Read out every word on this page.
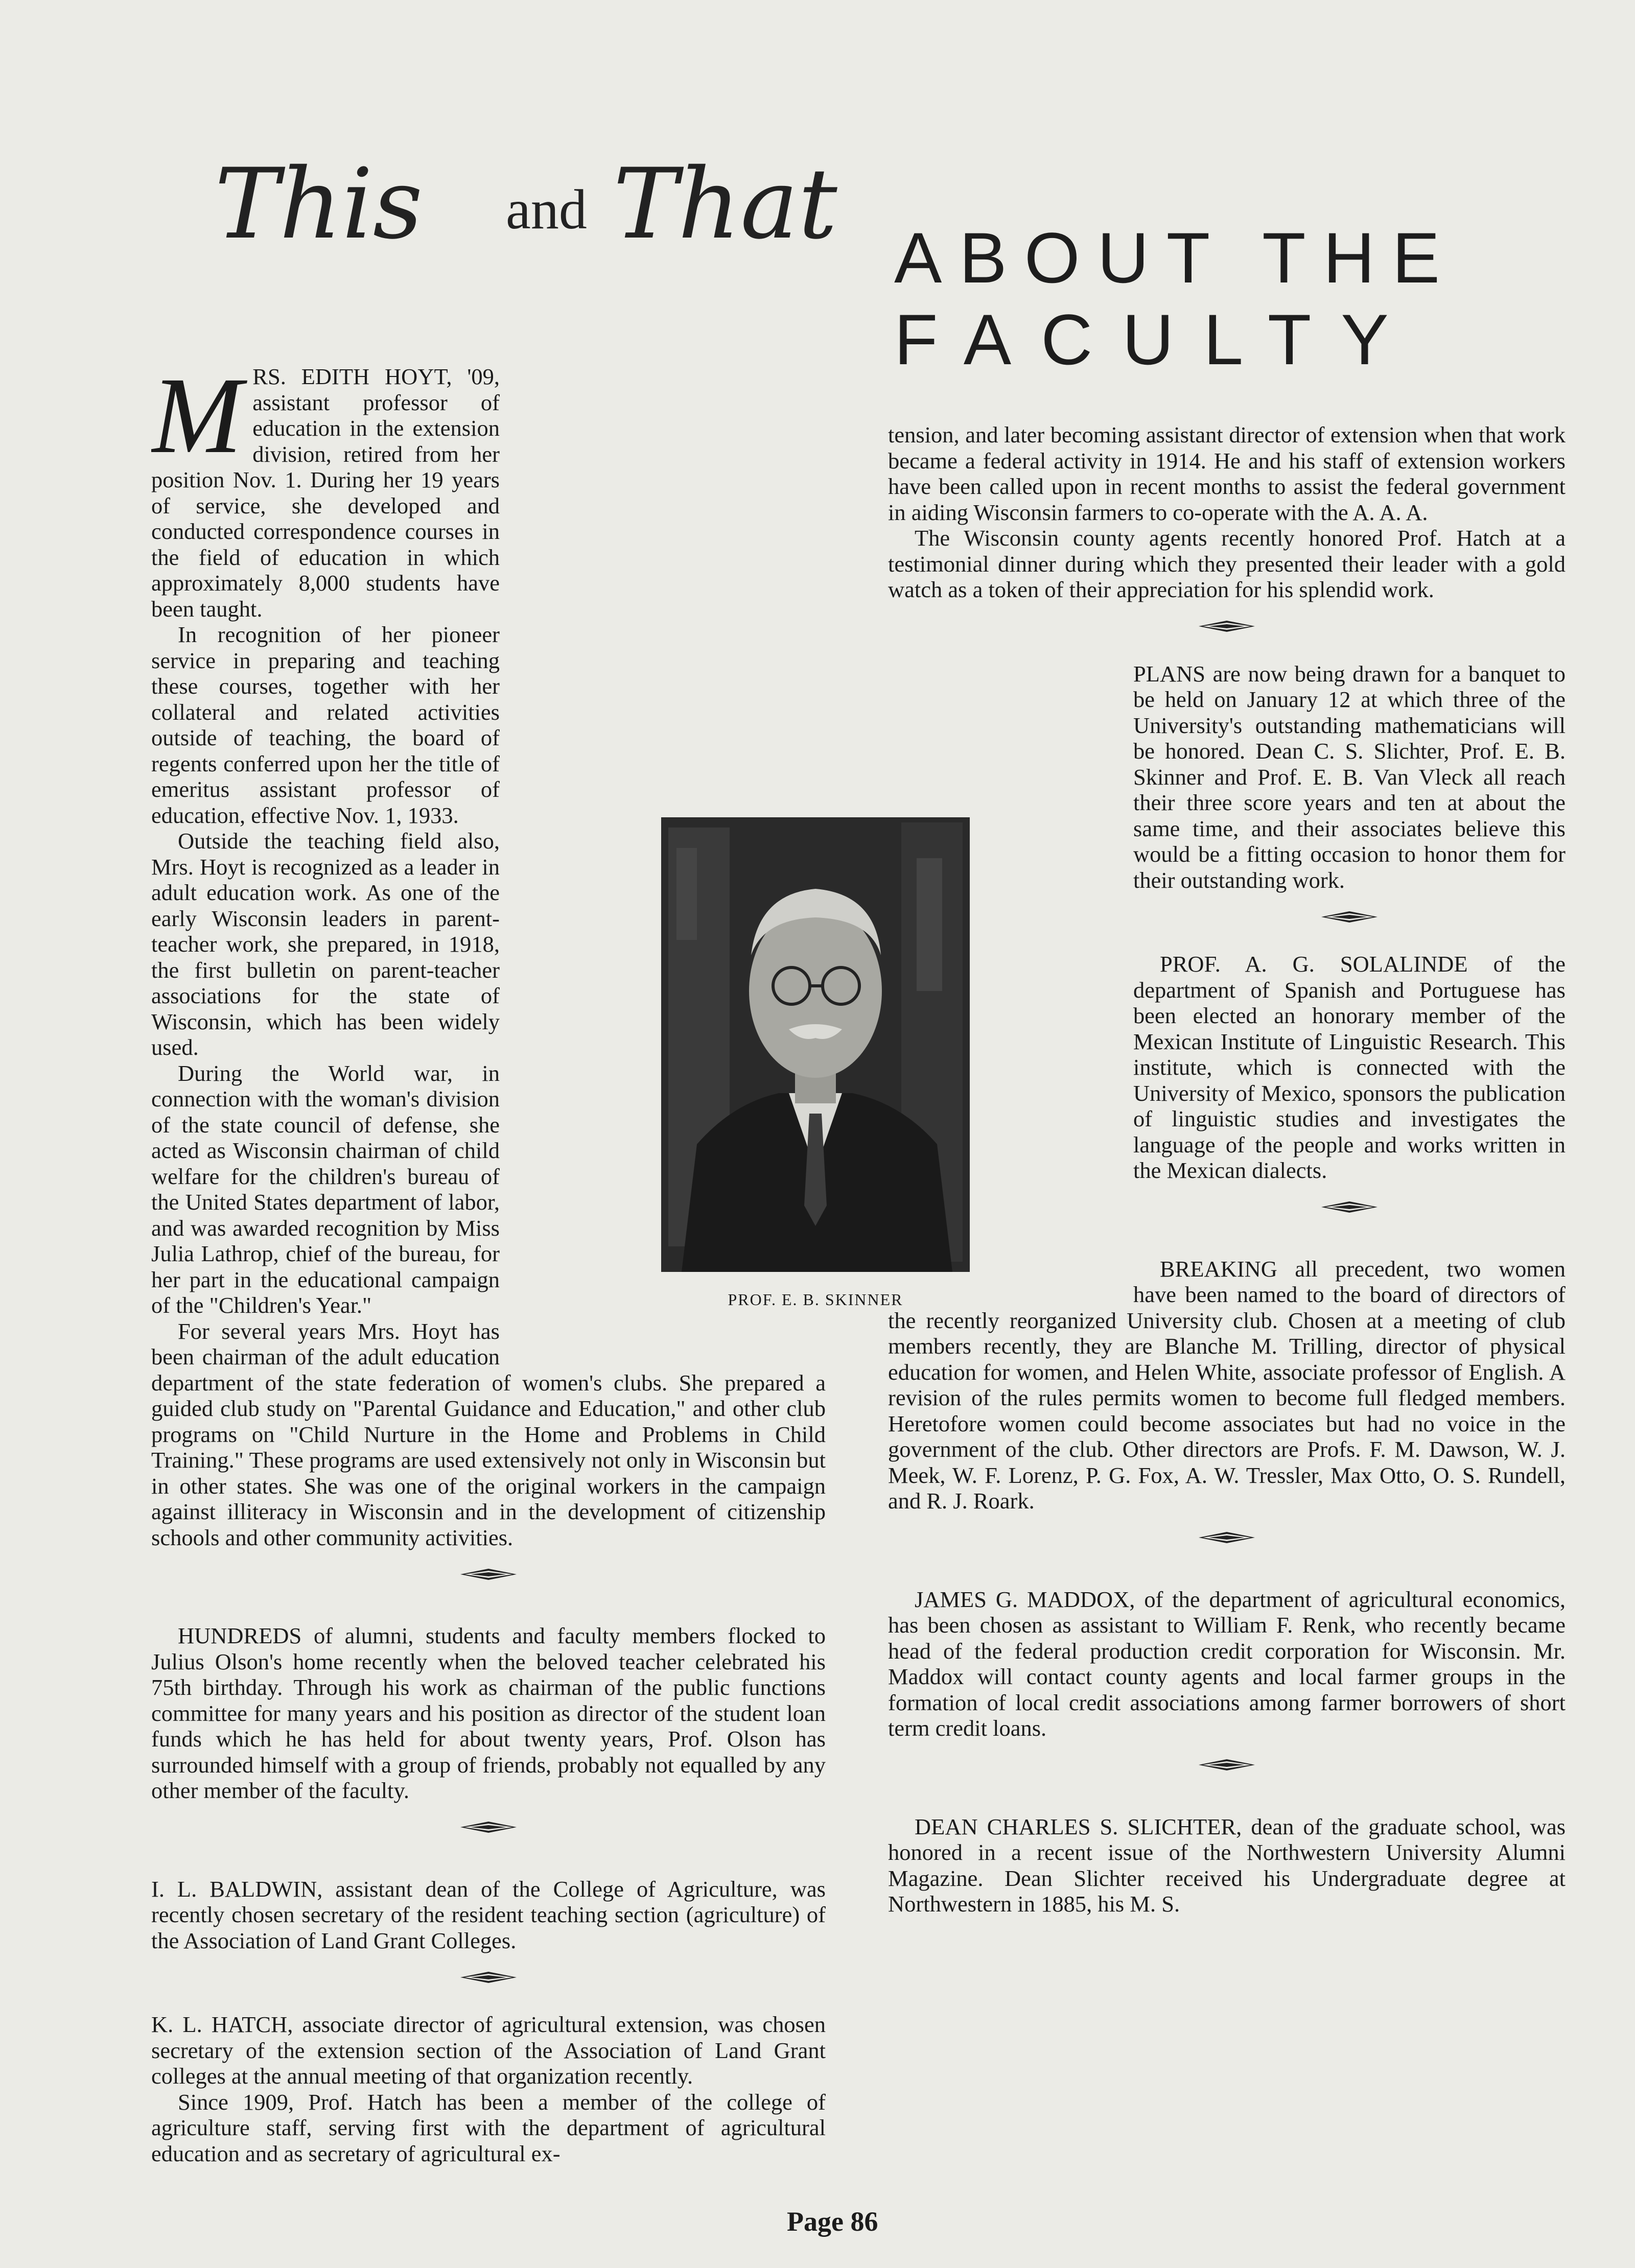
This and That ABOUT THE
FACULTY
M RS. EDITH HOYT, '09, assistant professor of education in the extension division, retired from her position Nov. 1. During her 19 years of service, she developed and conducted correspondence courses in the field of education in which approximately 8,000 students have been taught.

In recognition of her pioneer service in preparing and teaching these courses, together with her collateral and related activities outside of teaching, the board of regents conferred upon her the title of emeritus assistant professor of education, effective Nov. 1, 1933.

Outside the teaching field also, Mrs. Hoyt is recognized as a leader in adult education work. As one of the early Wisconsin leaders in parent-teacher work, she prepared, in 1918, the first bulletin on parent-teacher associations for the state of Wisconsin, which has been widely used.

During the World war, in connection with the woman's division of the state council of defense, she acted as Wisconsin chairman of child welfare for the children's bureau of the United States department of labor, and was awarded recognition by Miss Julia Lathrop, chief of the bureau, for her part in the educational campaign of the "Children's Year."

For several years Mrs. Hoyt has been chairman of the adult education department of the state federation of women's clubs. She prepared a guided club study on "Parental Guidance and Education," and other club programs on "Child Nurture in the Home and Problems in Child Training." These programs are used extensively not only in Wisconsin but in other states. She was one of the original workers in the campaign against illiteracy in Wisconsin and in the development of citizenship schools and other community activities.

HUNDREDS of alumni, students and faculty members flocked to Julius Olson's home recently when the beloved teacher celebrated his 75th birthday. Through his work as chairman of the public functions committee for many years and his position as director of the student loan funds which he has held for about twenty years, Prof. Olson has surrounded himself with a group of friends, probably not equalled by any other member of the faculty.

I. L. BALDWIN, assistant dean of the College of Agriculture, was recently chosen secretary of the resident teaching section (agriculture) of the Association of Land Grant Colleges.

K. L. HATCH, associate director of agricultural extension, was chosen secretary of the extension section of the Association of Land Grant colleges at the annual meeting of that organization recently.

Since 1909, Prof. Hatch has been a member of the college of agriculture staff, serving first with the department of agricultural education and as secretary of agricultural ex-

tension, and later becoming assistant director of extension when that work became a federal activity in 1914. He and his staff of extension workers have been called upon in recent months to assist the federal government in aiding Wisconsin farmers to co-operate with the A. A. A.

The Wisconsin county agents recently honored Prof. Hatch at a testimonial dinner during which they presented their leader with a gold watch as a token of their appreciation for his splendid work.

PLANS are now being drawn for a banquet to be held on January 12 at which three of the University's outstanding mathematicians will be honored. Dean C. S. Slichter, Prof. E. B. Skinner and Prof. E. B. Van Vleck all reach their three score years and ten at about the same time, and their associates believe this would be a fitting occasion to honor them for their outstanding work.

PROF. A. G. SOLALINDE of the department of Spanish and Portuguese has been elected an honorary member of the Mexican Institute of Linguistic Research. This institute, which is connected with the University of Mexico, sponsors the publication of linguistic studies and investigates the language of the people and works written in the Mexican dialects.

BREAKING all precedent, two women have been named to the board of directors of the recently reorganized University club. Chosen at a meeting of club members recently, they are Blanche M. Trilling, director of physical education for women, and Helen White, associate professor of English. A revision of the rules permits women to become full fledged members. Heretofore women could become associates but had no voice in the government of the club. Other directors are Profs. F. M. Dawson, W. J. Meek, W. F. Lorenz, P. G. Fox, A. W. Tressler, Max Otto, O. S. Rundell, and R. J. Roark.

JAMES G. MADDOX, of the department of agricultural economics, has been chosen as assistant to William F. Renk, who recently became head of the federal production credit corporation for Wisconsin. Mr. Maddox will contact county agents and local farmer groups in the formation of local credit associations among farmer borrowers of short term credit loans.

DEAN CHARLES S. SLICHTER, dean of the graduate school, was honored in a recent issue of the Northwestern University Alumni Magazine. Dean Slichter received his Undergraduate degree at Northwestern in 1885, his M. S.

PROF. E. B. SKINNER
Page 86
